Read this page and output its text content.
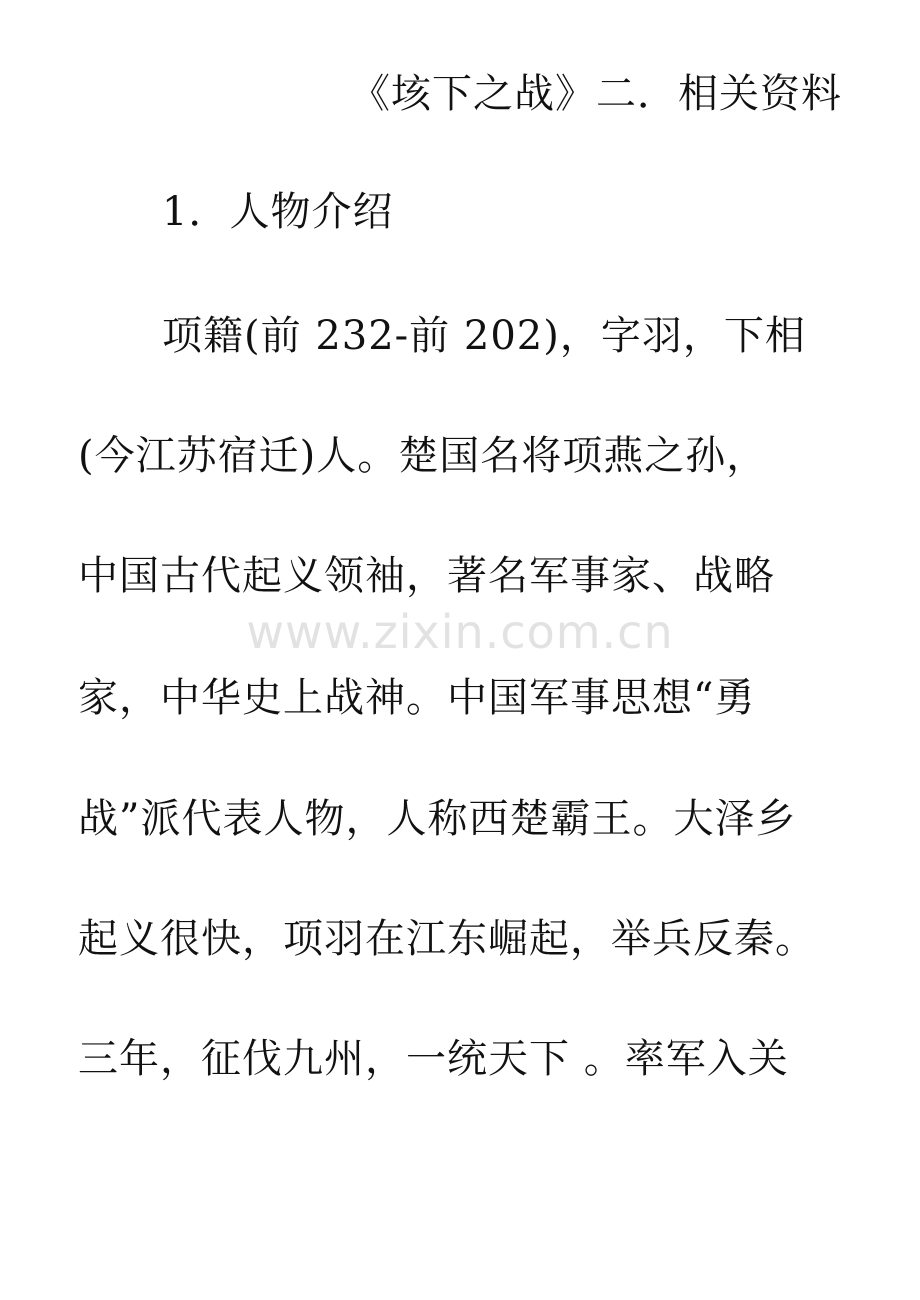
《垓下之战》二．相关资料
1．人物介绍
项籍(前 232-前 202)，字羽，下相
(今江苏宿迁)人。楚国名将项燕之孙，
中国古代起义领袖，著名军事家、战略
家，中华史上战神。中国军事思想“勇
战”派代表人物，人称西楚霸王。大泽乡
起义很快，项羽在江东崛起，举兵反秦。
三年，征伐九州，一统天下 。率军入关
www.zixin.com.cn
